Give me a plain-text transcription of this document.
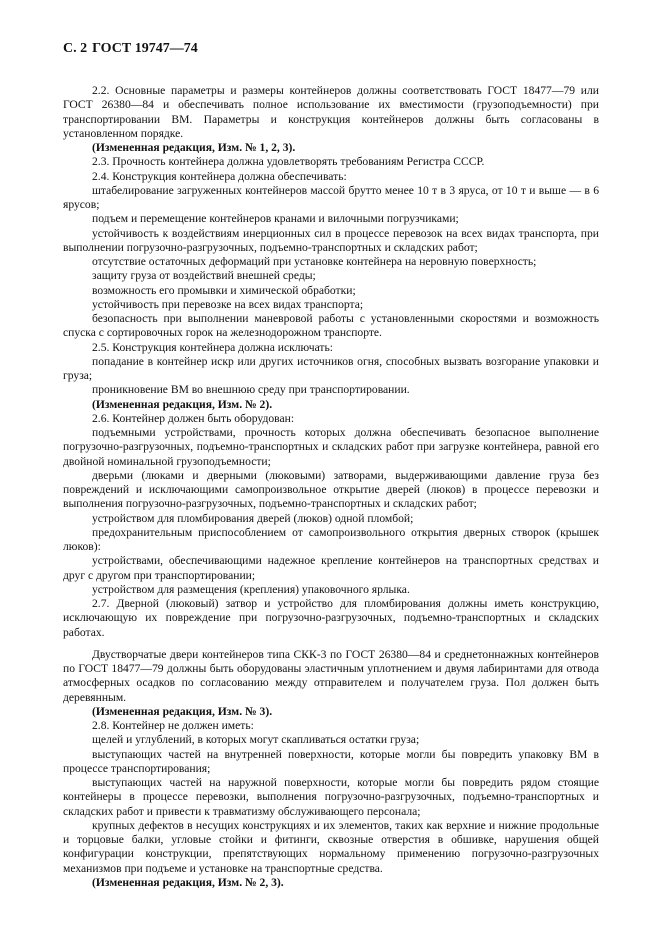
С. 2 ГОСТ 19747—74

2.2. Основные параметры и размеры контейнеров должны соответствовать ГОСТ 18477—79 или ГОСТ 26380—84 и обеспечивать полное использование их вместимости (грузоподъемности) при транспортировании ВМ. Параметры и конструкция контейнеров должны быть согласованы в установленном порядке.

(Измененная редакция, Изм. № 1, 2, 3).

2.3. Прочность контейнера должна удовлетворять требованиям Регистра СССР.

2.4. Конструкция контейнера должна обеспечивать:

штабелирование загруженных контейнеров массой брутто менее 10 т в 3 яруса, от 10 т и выше — в 6 ярусов;

подъем и перемещение контейнеров кранами и вилочными погрузчиками;

устойчивость к воздействиям инерционных сил в процессе перевозок на всех видах транспорта, при выполнении погрузочно-разгрузочных, подъемно-транспортных и складских работ;

отсутствие остаточных деформаций при установке контейнера на неровную поверхность;

защиту груза от воздействий внешней среды;

возможность его промывки и химической обработки;

устойчивость при перевозке на всех видах транспорта;

безопасность при выполнении маневровой работы с установленными скоростями и возможность спуска с сортировочных горок на железнодорожном транспорте.

2.5. Конструкция контейнера должна исключать:

попадание в контейнер искр или других источников огня, способных вызвать возгорание упаковки и груза;

проникновение ВМ во внешнюю среду при транспортировании.

(Измененная редакция, Изм. № 2).

2.6. Контейнер должен быть оборудован:

подъемными устройствами, прочность которых должна обеспечивать безопасное выполнение погрузочно-разгрузочных, подъемно-транспортных и складских работ при загрузке контейнера, равной его двойной номинальной грузоподъемности;

дверьми (люками и дверными (люковыми) затворами, выдерживающими давление груза без повреждений и исключающими самопроизвольное открытие дверей (люков) в процессе перевозки и выполнения погрузочно-разгрузочных, подъемно-транспортных и складских работ;

устройством для пломбирования дверей (люков) одной пломбой;

предохранительным приспособлением от самопроизвольного открытия дверных створок (крышек люков):

устройствами, обеспечивающими надежное крепление контейнеров на транспортных средствах и друг с другом при транспортировании;

устройством для размещения (крепления) упаковочного ярлыка.

2.7. Дверной (люковый) затвор и устройство для пломбирования должны иметь конструкцию, исключающую их повреждение при погрузочно-разгрузочных, подъемно-транспортных и складских работах.

Двустворчатые двери контейнеров типа СКК-3 по ГОСТ 26380—84 и среднетоннажных контейнеров по ГОСТ 18477—79 должны быть оборудованы эластичным уплотнением и двумя лабиринтами для отвода атмосферных осадков по согласованию между отправителем и получателем груза. Пол должен быть деревянным.

(Измененная редакция, Изм. № 3).

2.8. Контейнер не должен иметь:

щелей и углублений, в которых могут скапливаться остатки груза;

выступающих частей на внутренней поверхности, которые могли бы повредить упаковку ВМ в процессе транспортирования;

выступающих частей на наружной поверхности, которые могли бы повредить рядом стоящие контейнеры в процессе перевозки, выполнения погрузочно-разгрузочных, подъемно-транспортных и складских работ и привести к травматизму обслуживающего персонала;

крупных дефектов в несущих конструкциях и их элементов, таких как верхние и нижние продольные и торцовые балки, угловые стойки и фитинги, сквозные отверстия в обшивке, нарушения общей конфигурации конструкции, препятствующих нормальному применению погрузочно-разгрузочных механизмов при подъеме и установке на транспортные средства.

(Измененная редакция, Изм. № 2, 3).
